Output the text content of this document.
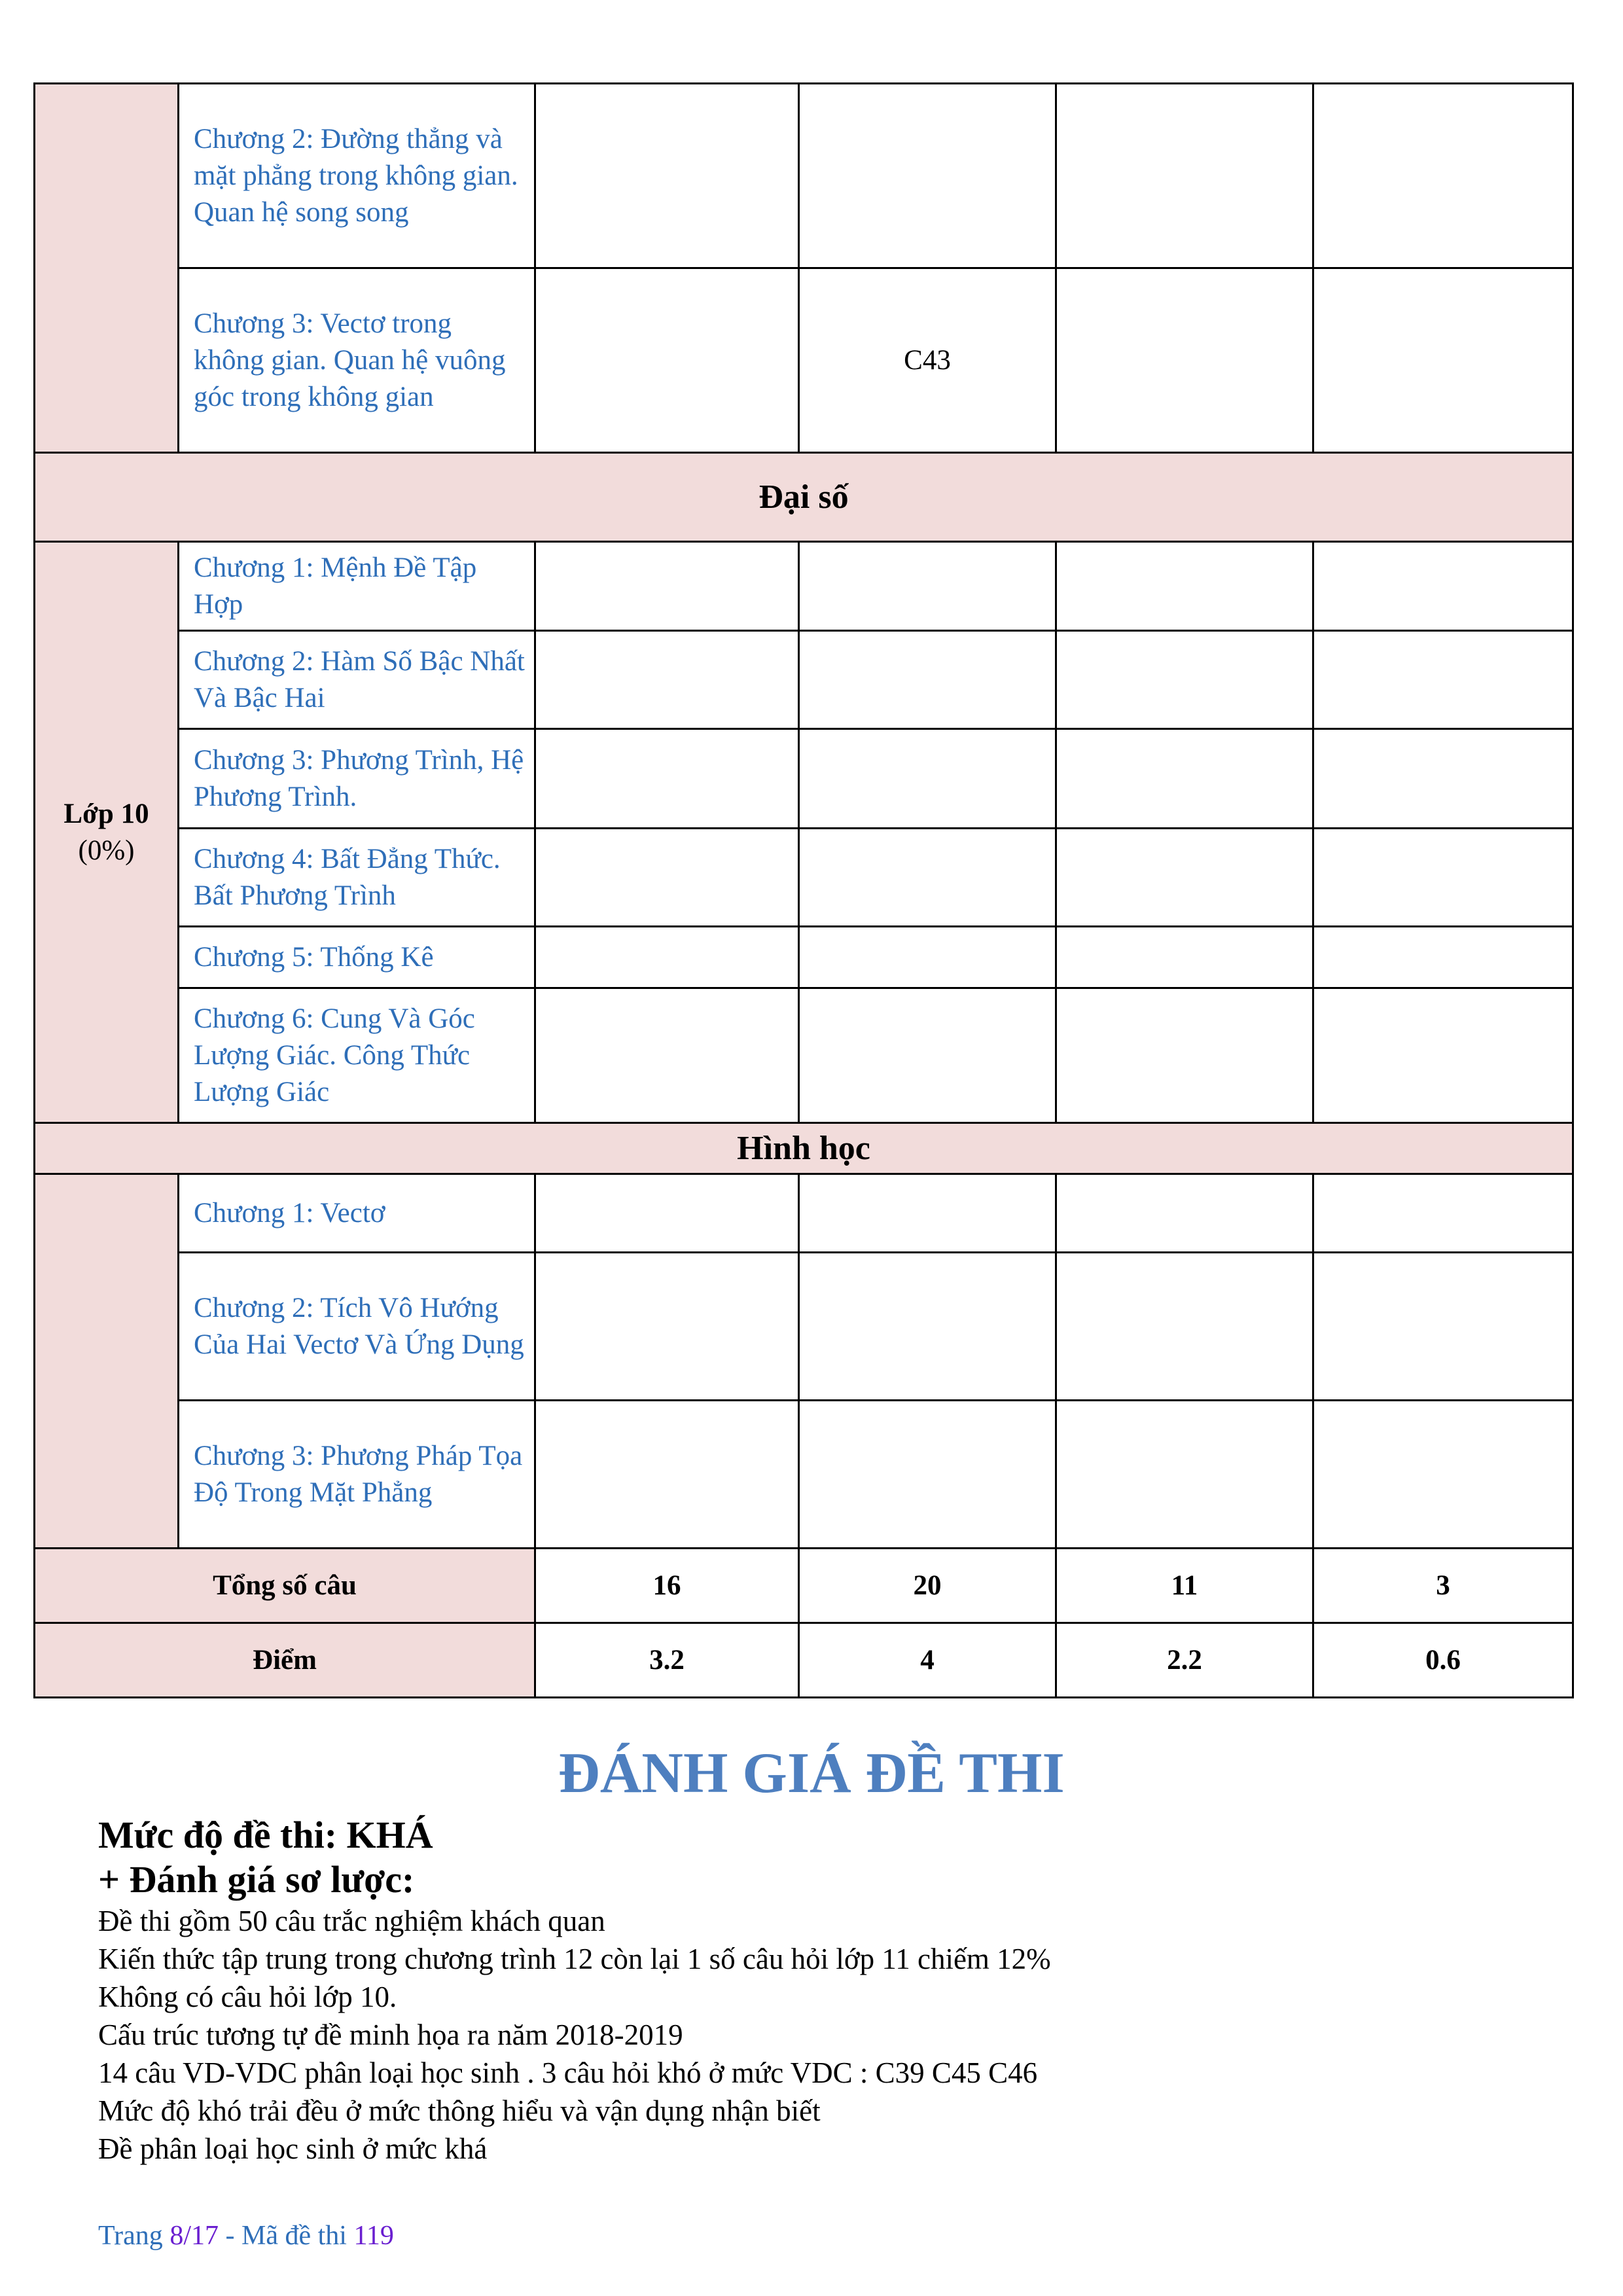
	Chương 2: Đường thẳng và mặt phẳng trong không gian. Quan hệ song song				
	Chương 3: Vectơ trong không gian. Quan hệ vuông góc trong không gian		C43		
Đại số					

Lớp 10
(0%)	Chương 1: Mệnh Đề Tập Hợp				
	Chương 2: Hàm Số Bậc Nhất Và Bậc Hai				
	Chương 3: Phương Trình, Hệ Phương Trình.				
	Chương 4: Bất Đẳng Thức. Bất Phương Trình				
	Chương 5: Thống Kê				
	Chương 6: Cung Và Góc Lượng Giác. Công Thức Lượng Giác				
Hình học					
	Chương 1: Vectơ				
	Chương 2: Tích Vô Hướng Của Hai Vectơ Và Ứng Dụng				
	Chương 3: Phương Pháp Tọa Độ Trong Mặt Phẳng				
Tổng số câu		16	20	11	3
Điểm		3.2	4	2.2	0.6
ĐÁNH GIÁ ĐỀ THI
Mức độ đề thi: KHÁ
+ Đánh giá sơ lược:
Đề thi gồm 50 câu trắc nghiệm khách quan
Kiến thức tập trung trong chương trình 12 còn lại 1 số câu hỏi lớp 11 chiếm 12%
Không có câu hỏi lớp 10.
Cấu trúc tương tự đề minh họa ra năm 2018-2019
14 câu VD-VDC phân loại học sinh . 3 câu hỏi khó ở mức VDC : C39 C45 C46
Mức độ khó trải đều ở mức thông hiểu và vận dụng nhận biết
Đề phân loại học sinh ở mức khá
Trang 8/17 - Mã đề thi 119
